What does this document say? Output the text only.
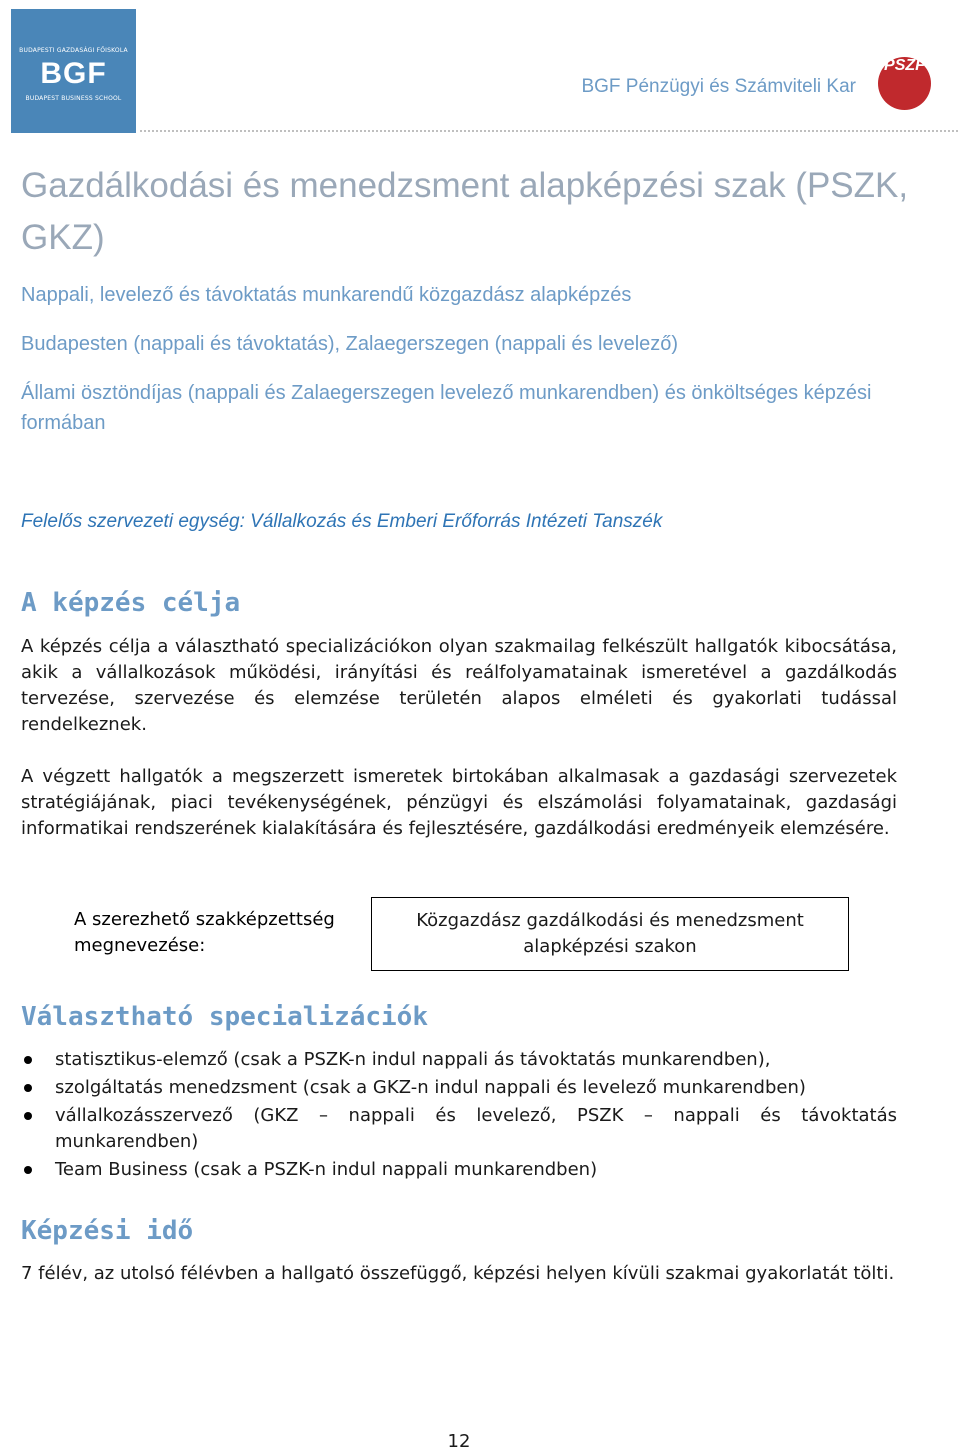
BUDAPESTI GAZDASÁGI FŐISKOLA
BGF
BUDAPEST BUSINESS SCHOOL
BGF Pénzügyi és Számviteli Kar
PSZF
Gazdálkodási és menedzsment alapképzési szak (PSZK, GKZ)

Nappali, levelező és távoktatás munkarendű közgazdász alapképzés

Budapesten (nappali és távoktatás), Zalaegerszegen (nappali és levelező)

Állami ösztöndíjas (nappali és Zalaegerszegen levelező munkarendben) és önköltséges képzési formában

Felelős szervezeti egység: Vállalkozás és Emberi Erőforrás Intézeti Tanszék

A képzés célja

A képzés célja a választható specializációkon olyan szakmailag felkészült hallgatók kibocsátása, akik a vállalkozások működési, irányítási és reálfolyamatainak ismeretével a gazdálkodás tervezése, szervezése és elemzése területén alapos elméleti és gyakorlati tudással rendelkeznek.

A végzett hallgatók a megszerzett ismeretek birtokában alkalmasak a gazdasági szervezetek stratégiájának, piaci tevékenységének, pénzügyi és elszámolási folyamatainak, gazdasági informatikai rendszerének kialakítására és fejlesztésére, gazdálkodási eredményeik elemzésére.

A szerezhető szakképzettség megnevezése:

Közgazdász gazdálkodási és menedzsment alapképzési szakon
Választható specializációk
statisztikus-elemző (csak a PSZK-n indul nappali ás távoktatás munkarendben),
szolgáltatás menedzsment (csak a GKZ-n indul nappali és levelező munkarendben)
vállalkozásszervező (GKZ – nappali és levelező, PSZK – nappali és távoktatás munkarendben)
Team Business (csak a PSZK-n indul nappali munkarendben)
Képzési idő

7 félév, az utolsó félévben a hallgató összefüggő, képzési helyen kívüli szakmai gyakorlatát tölti.

12
